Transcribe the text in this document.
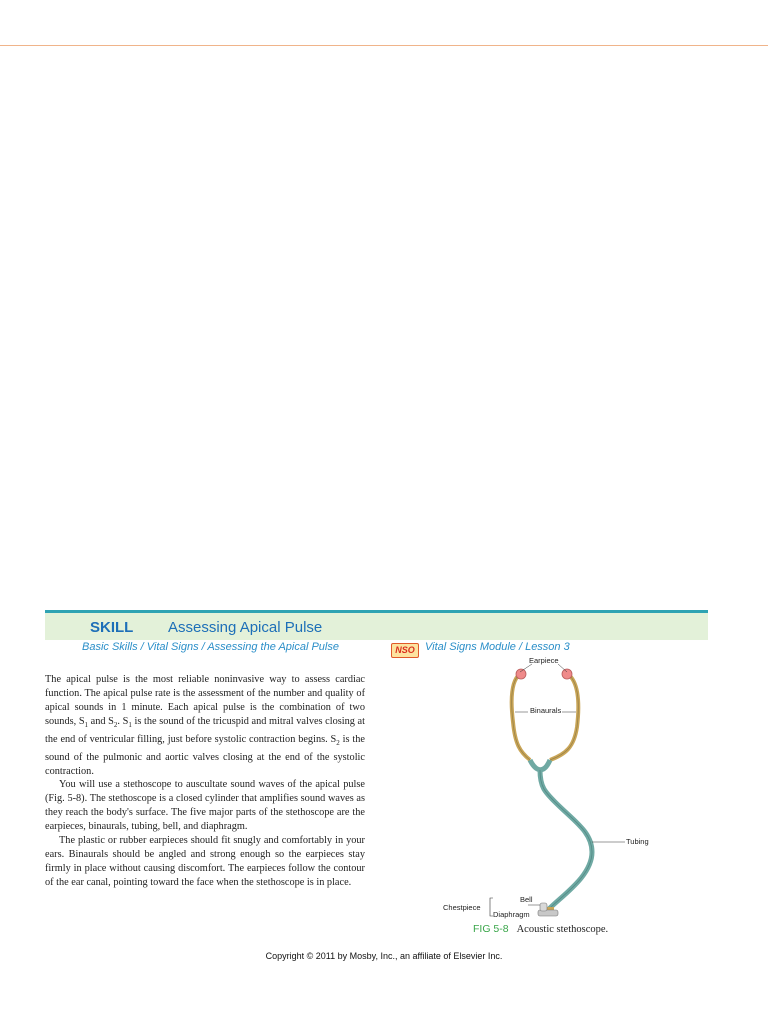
SKILL Assessing Apical Pulse
Basic Skills / Vital Signs / Assessing the Apical Pulse	NSO Vital Signs Module / Lesson 3

The apical pulse is the most reliable noninvasive way to assess cardiac function. The apical pulse rate is the assessment of the number and quality of apical sounds in 1 minute. Each apical pulse is the combination of two sounds, $S_1$ and $S_2$. $S_1$ is the sound of the tricuspid and mitral valves closing at the end of ventricular filling, just before systolic contraction begins. $S_2$ is the sound of the pulmonic and aortic valves closing at the end of the systolic contraction.

You will use a stethoscope to auscultate sound waves of the apical pulse (Fig. 5-8). The stethoscope is a closed cylinder that amplifies sound waves as they reach the body's surface. The five major parts of the stethoscope are the earpieces, binaurals, tubing, bell, and diaphragm.

The plastic or rubber earpieces should fit snugly and comfortably in your ears. Binaurals should be angled and strong enough so the earpieces stay firmly in place without causing discomfort. The earpieces follow the contour of the ear canal, pointing toward the face when the stethoscope is in place.

Earpiece
Binaurals
Tubing
Bell
Chestpiece
Diaphragm
FIG 5-8 Acoustic stethoscope.
Copyright © 2011 by Mosby, Inc., an affiliate of Elsevier Inc.
